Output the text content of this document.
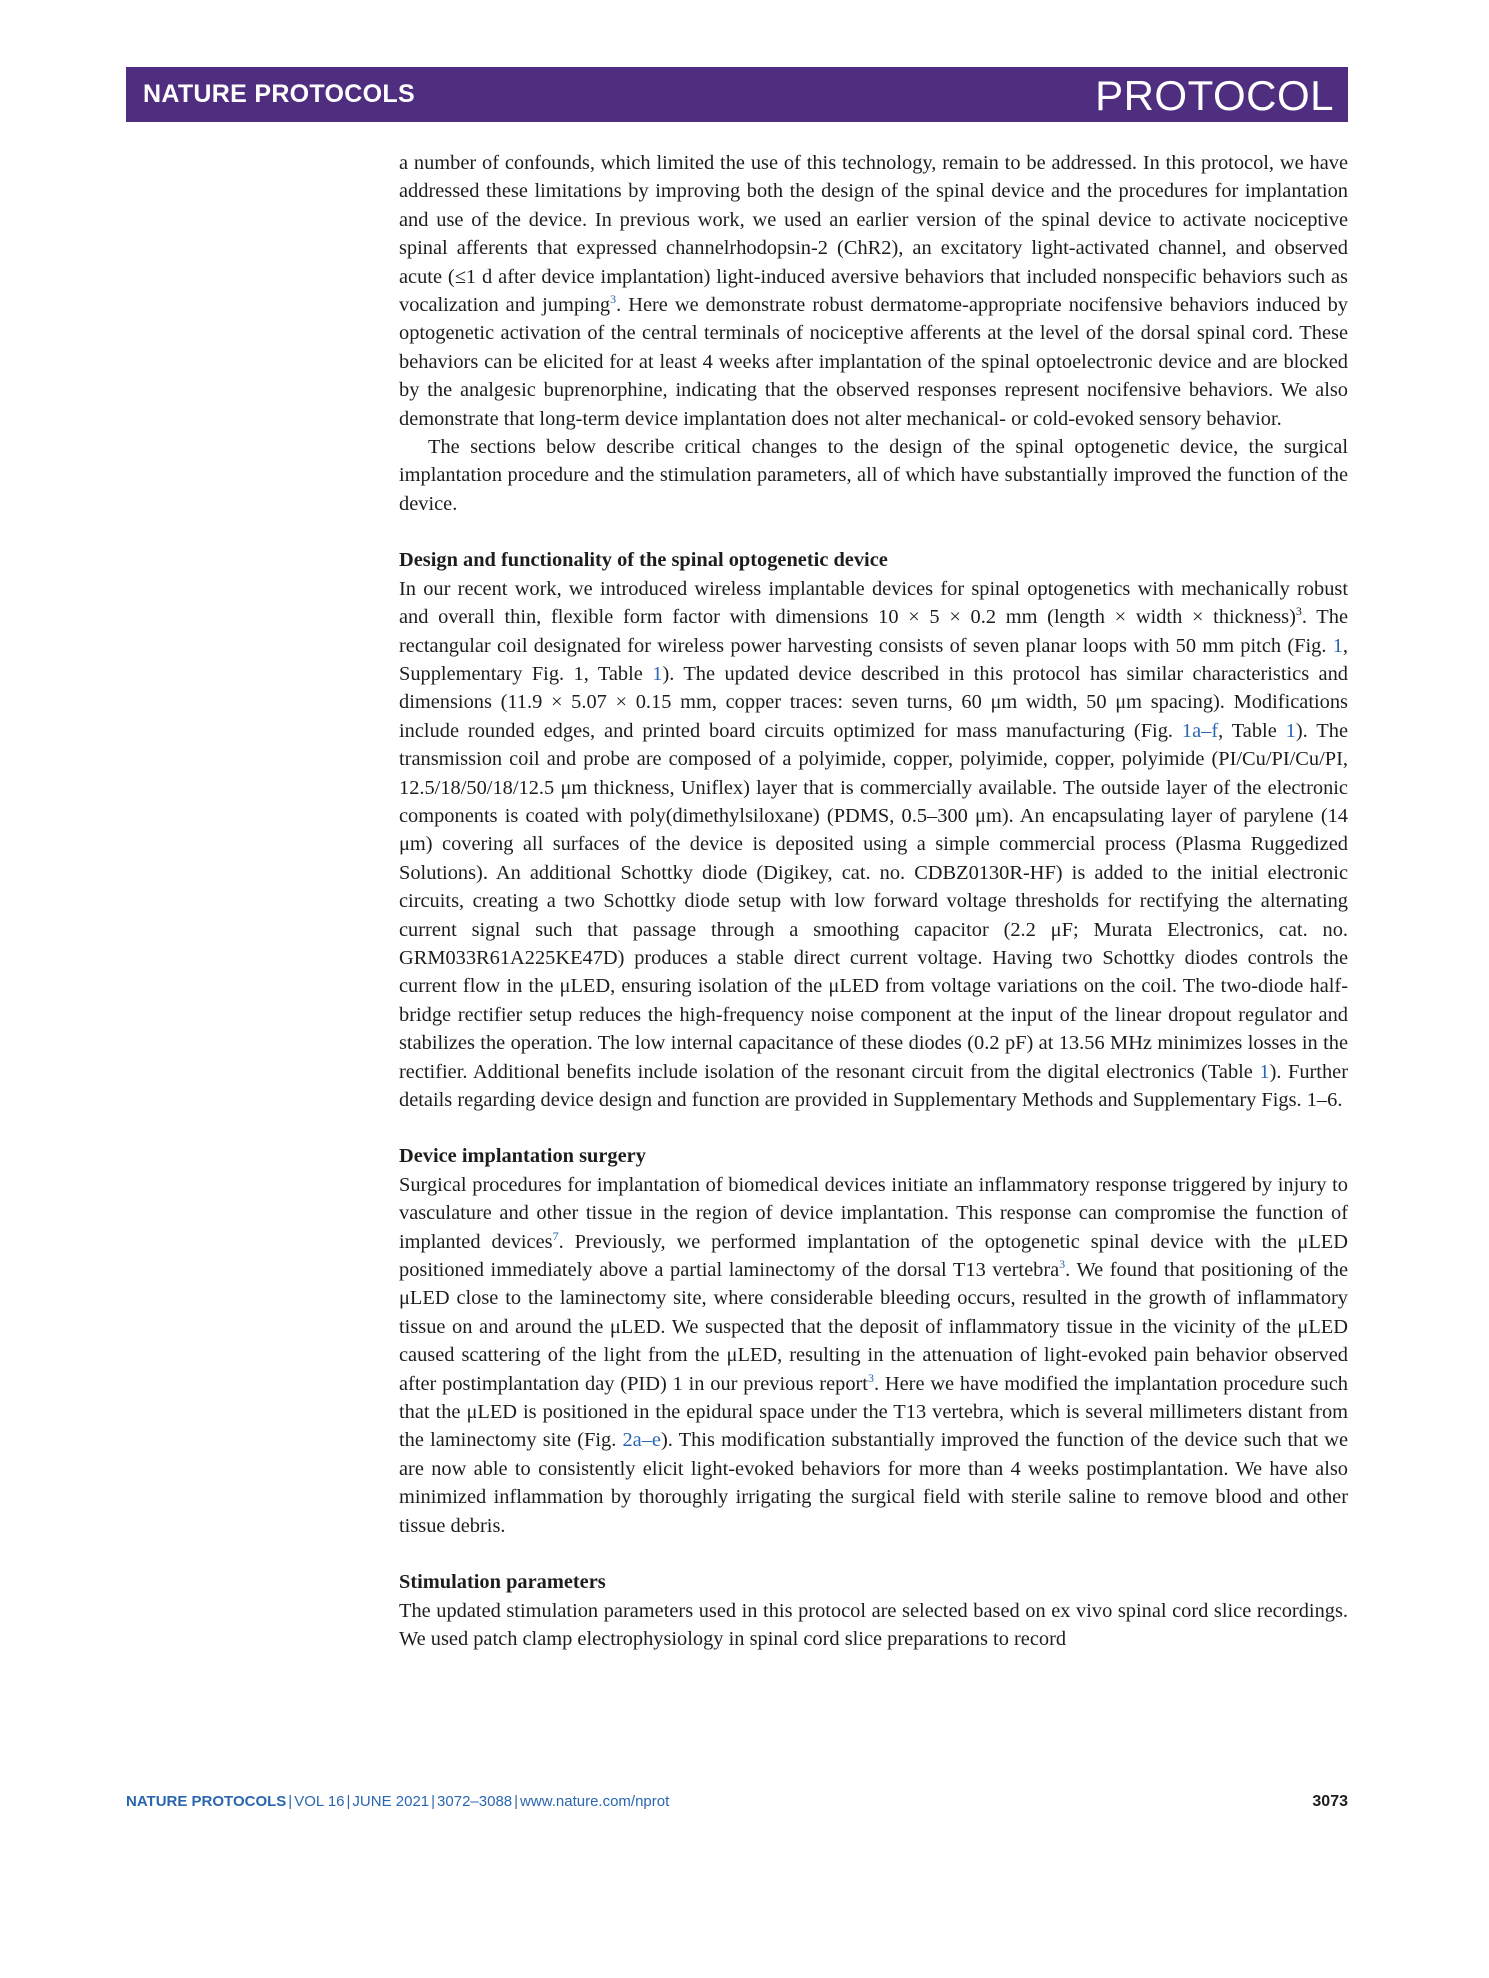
NATURE PROTOCOLS	PROTOCOL

a number of confounds, which limited the use of this technology, remain to be addressed. In this protocol, we have addressed these limitations by improving both the design of the spinal device and the procedures for implantation and use of the device. In previous work, we used an earlier version of the spinal device to activate nociceptive spinal afferents that expressed channelrhodopsin-2 (ChR2), an excitatory light-activated channel, and observed acute (≤1 d after device implantation) light-induced aversive behaviors that included nonspecific behaviors such as vocalization and jumping$^3$. Here we demonstrate robust dermatome-appropriate nocifensive behaviors induced by optogenetic activation of the central terminals of nociceptive afferents at the level of the dorsal spinal cord. These behaviors can be elicited for at least 4 weeks after implantation of the spinal optoelectronic device and are blocked by the analgesic buprenorphine, indicating that the observed responses represent nocifensive behaviors. We also demonstrate that long-term device implantation does not alter mechanical- or cold-evoked sensory behavior.

The sections below describe critical changes to the design of the spinal optogenetic device, the surgical implantation procedure and the stimulation parameters, all of which have substantially improved the function of the device.

Design and functionality of the spinal optogenetic device

In our recent work, we introduced wireless implantable devices for spinal optogenetics with mechanically robust and overall thin, flexible form factor with dimensions 10 × 5 × 0.2 mm (length × width × thickness)$^3$. The rectangular coil designated for wireless power harvesting consists of seven planar loops with 50 mm pitch (Fig. 1, Supplementary Fig. 1, Table 1). The updated device described in this protocol has similar characteristics and dimensions (11.9 × 5.07 × 0.15 mm, copper traces: seven turns, 60 μm width, 50 μm spacing). Modifications include rounded edges, and printed board circuits optimized for mass manufacturing (Fig. 1a–f, Table 1). The transmission coil and probe are composed of a polyimide, copper, polyimide, copper, polyimide (PI/Cu/PI/Cu/PI, 12.5/18/50/18/12.5 μm thickness, Uniflex) layer that is commercially available. The outside layer of the electronic components is coated with poly(dimethylsiloxane) (PDMS, 0.5–300 μm). An encapsulating layer of parylene (14 μm) covering all surfaces of the device is deposited using a simple commercial process (Plasma Ruggedized Solutions). An additional Schottky diode (Digikey, cat. no. CDBZ0130R-HF) is added to the initial electronic circuits, creating a two Schottky diode setup with low forward voltage thresholds for rectifying the alternating current signal such that passage through a smoothing capacitor (2.2 μF; Murata Electronics, cat. no. GRM033R61A225KE47D) produces a stable direct current voltage. Having two Schottky diodes controls the current flow in the μLED, ensuring isolation of the μLED from voltage variations on the coil. The two-diode half-bridge rectifier setup reduces the high-frequency noise component at the input of the linear dropout regulator and stabilizes the operation. The low internal capacitance of these diodes (0.2 pF) at 13.56 MHz minimizes losses in the rectifier. Additional benefits include isolation of the resonant circuit from the digital electronics (Table 1). Further details regarding device design and function are provided in Supplementary Methods and Supplementary Figs. 1–6.

Device implantation surgery

Surgical procedures for implantation of biomedical devices initiate an inflammatory response triggered by injury to vasculature and other tissue in the region of device implantation. This response can compromise the function of implanted devices$^7$. Previously, we performed implantation of the optogenetic spinal device with the μLED positioned immediately above a partial laminectomy of the dorsal T13 vertebra$^3$. We found that positioning of the μLED close to the laminectomy site, where considerable bleeding occurs, resulted in the growth of inflammatory tissue on and around the μLED. We suspected that the deposit of inflammatory tissue in the vicinity of the μLED caused scattering of the light from the μLED, resulting in the attenuation of light-evoked pain behavior observed after postimplantation day (PID) 1 in our previous report$^3$. Here we have modified the implantation procedure such that the μLED is positioned in the epidural space under the T13 vertebra, which is several millimeters distant from the laminectomy site (Fig. 2a–e). This modification substantially improved the function of the device such that we are now able to consistently elicit light-evoked behaviors for more than 4 weeks postimplantation. We have also minimized inflammation by thoroughly irrigating the surgical field with sterile saline to remove blood and other tissue debris.

Stimulation parameters

The updated stimulation parameters used in this protocol are selected based on ex vivo spinal cord slice recordings. We used patch clamp electrophysiology in spinal cord slice preparations to record

NATURE PROTOCOLS | VOL 16 | JUNE 2021 | 3072–3088 | www.nature.com/nprot	3073
